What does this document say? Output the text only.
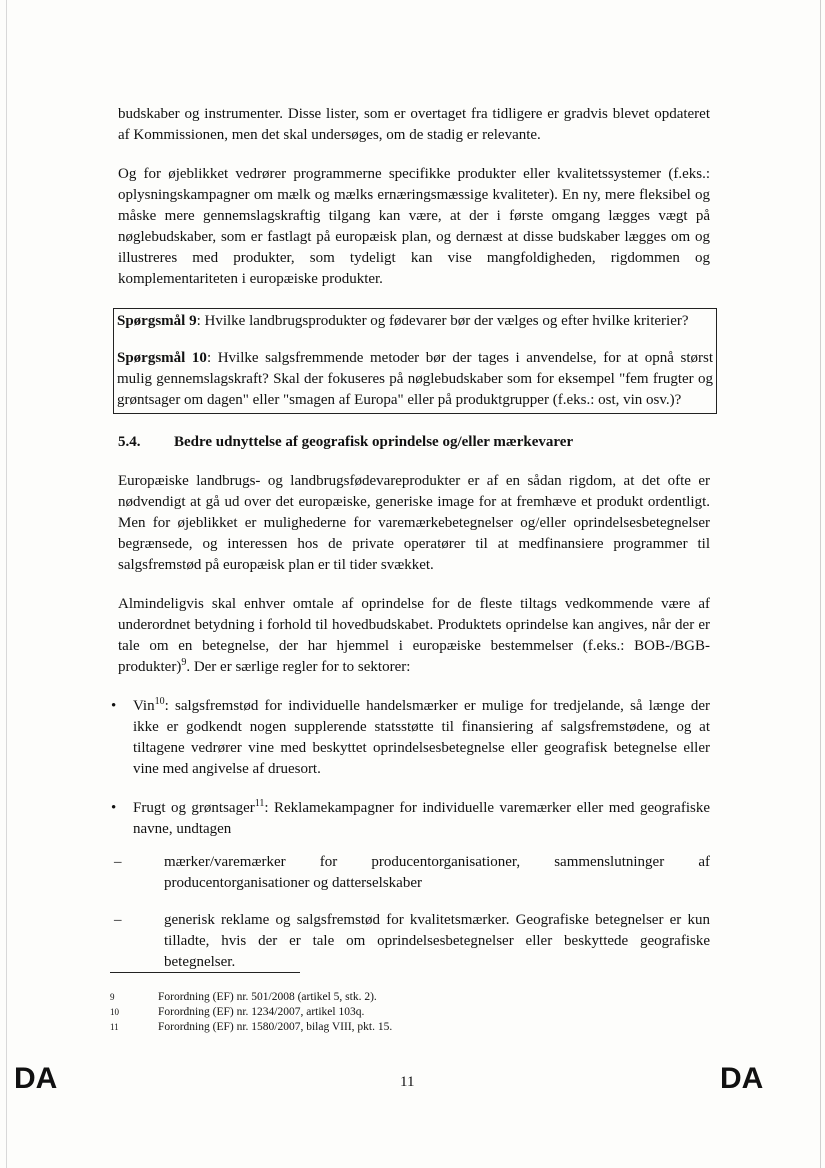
budskaber og instrumenter. Disse lister, som er overtaget fra tidligere er gradvis blevet opdateret af Kommissionen, men det skal undersøges, om de stadig er relevante.

Og for øjeblikket vedrører programmerne specifikke produkter eller kvalitetssystemer (f.eks.: oplysningskampagner om mælk og mælks ernæringsmæssige kvaliteter). En ny, mere fleksibel og måske mere gennemslagskraftig tilgang kan være, at der i første omgang lægges vægt på nøglebudskaber, som er fastlagt på europæisk plan, og dernæst at disse budskaber lægges om og illustreres med produkter, som tydeligt kan vise mangfoldigheden, rigdommen og komplementariteten i europæiske produkter.

Spørgsmål 9: Hvilke landbrugsprodukter og fødevarer bør der vælges og efter hvilke kriterier?

Spørgsmål 10: Hvilke salgsfremmende metoder bør der tages i anvendelse, for at opnå størst mulig gennemslagskraft? Skal der fokuseres på nøglebudskaber som for eksempel "fem frugter og grøntsager om dagen" eller "smagen af Europa" eller på produktgrupper (f.eks.: ost, vin osv.)?

5.4.	Bedre udnyttelse af geografisk oprindelse og/eller mærkevarer

Europæiske landbrugs- og landbrugsfødevareprodukter er af en sådan rigdom, at det ofte er nødvendigt at gå ud over det europæiske, generiske image for at fremhæve et produkt ordentligt. Men for øjeblikket er mulighederne for varemærkebetegnelser og/eller oprindelsesbetegnelser begrænsede, og interessen hos de private operatører til at medfinansiere programmer til salgsfremstød på europæisk plan er til tider svækket.

Almindeligvis skal enhver omtale af oprindelse for de fleste tiltags vedkommende være af underordnet betydning i forhold til hovedbudskabet. Produktets oprindelse kan angives, når der er tale om en betegnelse, der har hjemmel i europæiske bestemmelser (f.eks.: BOB-/BGB-produkter)$^9$. Der er særlige regler for to sektorer:

•	Vin$^{10}$: salgsfremstød for individuelle handelsmærker er mulige for tredjelande, så længe der ikke er godkendt nogen supplerende statsstøtte til finansiering af salgsfremstødene, og at tiltagene vedrører vine med beskyttet oprindelsesbetegnelse eller geografisk betegnelse eller vine med angivelse af druesort.
•	Frugt og grøntsager$^{11}$: Reklamekampagner for individuelle varemærker eller med geografiske navne, undtagen
–	mærker/varemærker for producentorganisationer, sammenslutninger af producentorganisationer og datterselskaber
–	generisk reklame og salgsfremstød for kvalitetsmærker. Geografiske betegnelser er kun tilladte, hvis der er tale om oprindelsesbetegnelser eller beskyttede geografiske betegnelser.
9	Forordning (EF) nr. 501/2008 (artikel 5, stk. 2).
10	Forordning (EF) nr. 1234/2007, artikel 103q.
11	Forordning (EF) nr. 1580/2007, bilag VIII, pkt. 15.
DA	11	DA
